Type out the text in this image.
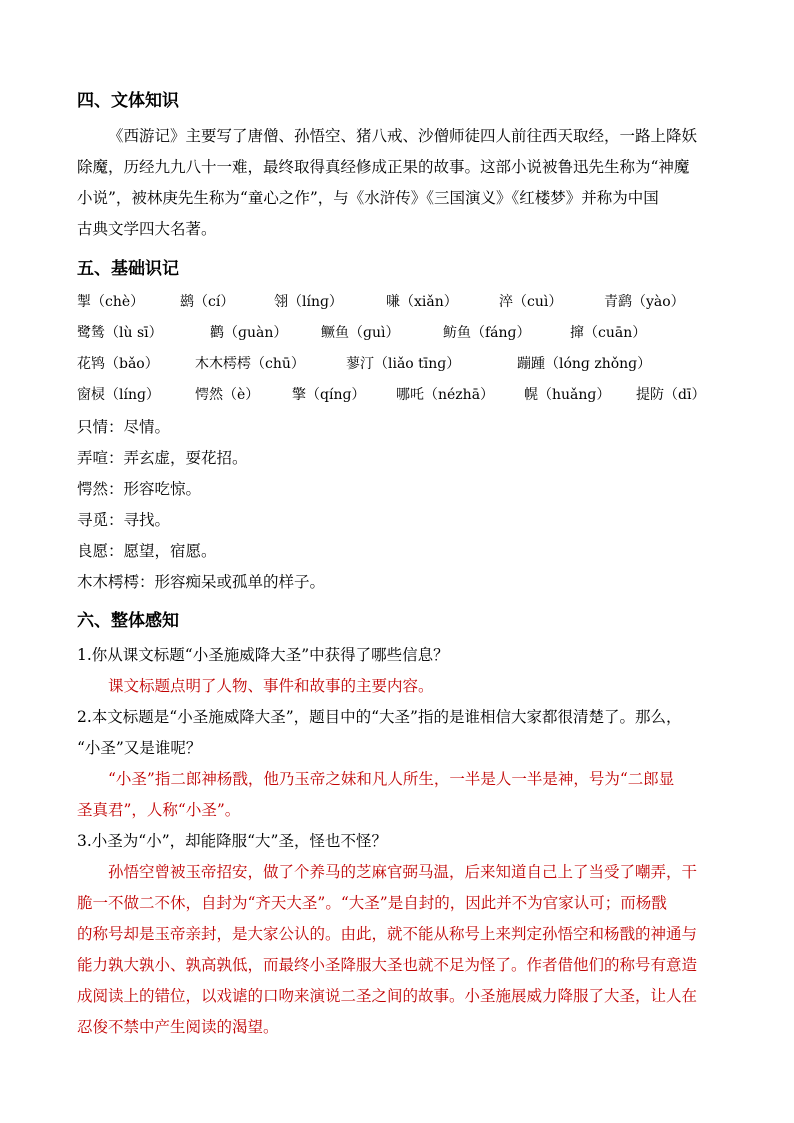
四、文体知识
《西游记》主要写了唐僧、孙悟空、猪八戒、沙僧师徒四人前往西天取经，一路上降妖
除魔，历经九九八十一难，最终取得真经修成正果的故事。这部小说被鲁迅先生称为“神魔
小说”，被林庚先生称为“童心之作”，与《水浒传》《三国演义》《红楼梦》并称为中国
古典文学四大名著。
五、基础识记
掣（chè）	鹚（cí）	翎（línɡ）	嗛（xiǎn）	淬（cuì）	青鹞（yào）
鹭鸶（lù sī）	鹳（ɡuàn） 鳜鱼（ɡuì）	鲂鱼（fánɡ）	撺（cuān）
花鸨（bǎo）	木木樗樗（chū）	蓼汀（liǎo tīnɡ）	蹦踵（lónɡ zhǒnɡ）
窗棂（línɡ）	愕然（è） 擎（qínɡ） 哪吒（nézhā） 幌（huǎnɡ） 提防（dī）
只情：尽情。
弄喧：弄玄虚，耍花招。
愕然：形容吃惊。
寻觅：寻找。
良愿：愿望，宿愿。
木木樗樗：形容痴呆或孤单的样子。
六、整体感知
1.你从课文标题“小圣施威降大圣”中获得了哪些信息？
课文标题点明了人物、事件和故事的主要内容。
2.本文标题是“小圣施威降大圣”，题目中的“大圣”指的是谁相信大家都很清楚了。那么，
“小圣”又是谁呢？
“小圣”指二郎神杨戬，他乃玉帝之妹和凡人所生，一半是人一半是神，号为“二郎显
圣真君”，人称“小圣”。
3.小圣为“小”，却能降服“大”圣，怪也不怪？
孙悟空曾被玉帝招安，做了个养马的芝麻官弼马温，后来知道自己上了当受了嘲弄，干
脆一不做二不休，自封为“齐天大圣”。“大圣”是自封的，因此并不为官家认可；而杨戬
的称号却是玉帝亲封，是大家公认的。由此，就不能从称号上来判定孙悟空和杨戬的神通与
能力孰大孰小、孰高孰低，而最终小圣降服大圣也就不足为怪了。作者借他们的称号有意造
成阅读上的错位，以戏谑的口吻来演说二圣之间的故事。小圣施展威力降服了大圣，让人在
忍俊不禁中产生阅读的渴望。
